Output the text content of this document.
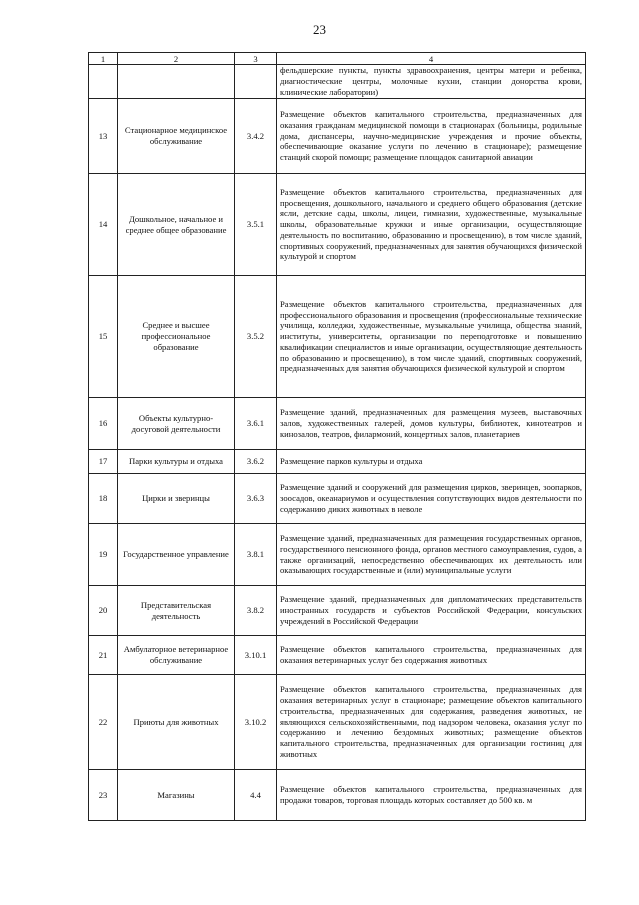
23
1	2	3	4
			фельдшерские пункты, пункты здравоохранения, центры матери и ребенка, диагностические центры, молочные кухни, станции донорства крови, клинические лаборатории)
13	Стационарное медицинское обслуживание	3.4.2	Размещение объектов капитального строительства, предназначенных для оказания гражданам медицинской помощи в стационарах (больницы, родильные дома, диспансеры, научно-медицинские учреждения и прочие объекты, обеспечивающие оказание услуги по лечению в стационаре); размещение станций скорой помощи; размещение площадок санитарной авиации
14	Дошкольное, начальное и среднее общее образование	3.5.1	Размещение объектов капитального строительства, предназначенных для просвещения, дошкольного, начального и среднего общего образования (детские ясли, детские сады, школы, лицеи, гимназии, художественные, музыкальные школы, образовательные кружки и иные организации, осуществляющие деятельность по воспитанию, образованию и просвещению), в том числе зданий, спортивных сооружений, предназначенных для занятия обучающихся физической культурой и спортом
15	Среднее и высшее профессиональное образование	3.5.2	Размещение объектов капитального строительства, предназначенных для профессионального образования и просвещения (профессиональные технические училища, колледжи, художественные, музыкальные училища, общества знаний, институты, университеты, организации по переподготовке и повышению квалификации специалистов и иные организации, осуществляющие деятельность по образованию и просвещению), в том числе зданий, спортивных сооружений, предназначенных для занятия обучающихся физической культурой и спортом
16	Объекты культурно-досуговой деятельности	3.6.1	Размещение зданий, предназначенных для размещения музеев, выставочных залов, художественных галерей, домов культуры, библиотек, кинотеатров и кинозалов, театров, филармоний, концертных залов, планетариев
17	Парки культуры и отдыха	3.6.2	Размещение парков культуры и отдыха
18	Цирки и зверинцы	3.6.3	Размещение зданий и сооружений для размещения цирков, зверинцев, зоопарков, зоосадов, океанариумов и осуществления сопутствующих видов деятельности по содержанию диких животных в неволе
19	Государственное управление	3.8.1	Размещение зданий, предназначенных для размещения государственных органов, государственного пенсионного фонда, органов местного самоуправления, судов, а также организаций, непосредственно обеспечивающих их деятельность или оказывающих государственные и (или) муниципальные услуги
20	Представительская деятельность	3.8.2	Размещение зданий, предназначенных для дипломатических представительств иностранных государств и субъектов Российской Федерации, консульских учреждений в Российской Федерации
21	Амбулаторное ветеринарное обслуживание	3.10.1	Размещение объектов капитального строительства, предназначенных для оказания ветеринарных услуг без содержания животных
22	Приюты для животных	3.10.2	Размещение объектов капитального строительства, предназначенных для оказания ветеринарных услуг в стационаре; размещение объектов капитального строительства, предназначенных для содержания, разведения животных, не являющихся сельскохозяйственными, под надзором человека, оказания услуг по содержанию и лечению бездомных животных; размещение объектов капитального строительства, предназначенных для организации гостиниц для животных
23	Магазины	4.4	Размещение объектов капитального строительства, предназначенных для продажи товаров, торговая площадь которых составляет до 500 кв. м
